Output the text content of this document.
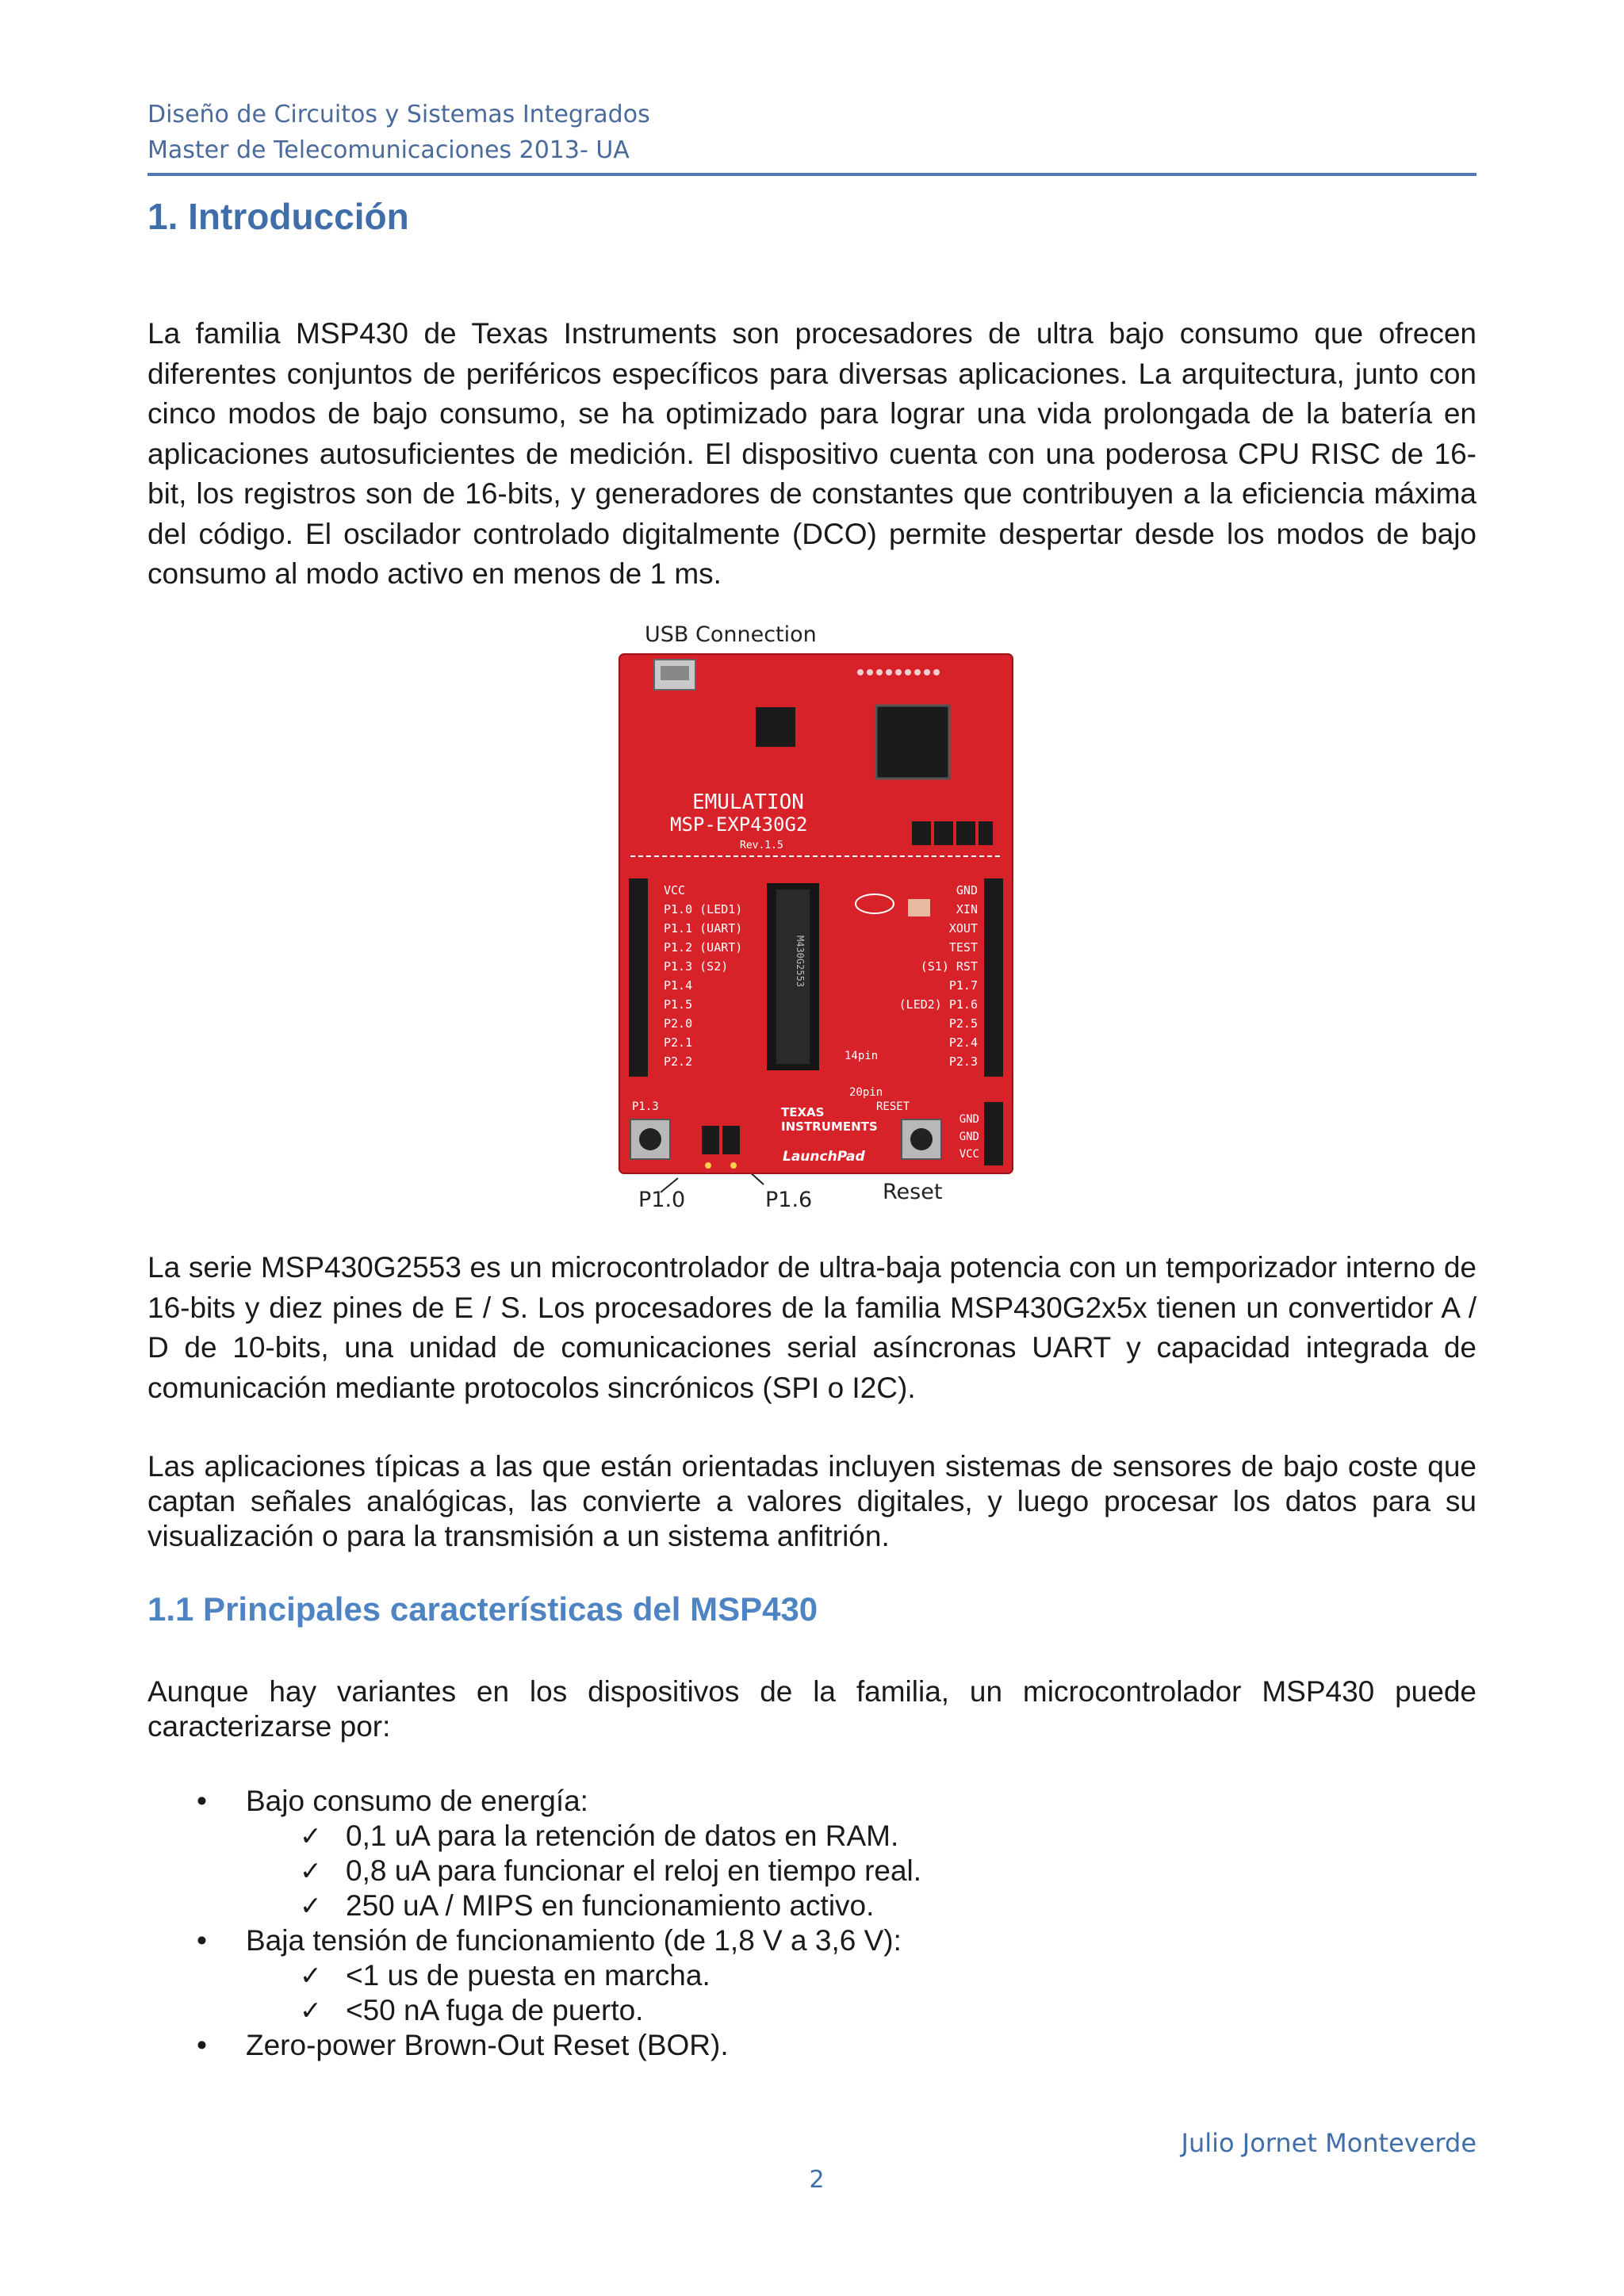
Diseño de Circuitos y Sistemas Integrados
Master de Telecomunicaciones 2013- UA
1. Introducción

La familia MSP430 de Texas Instruments son procesadores de ultra bajo consumo que ofrecen diferentes conjuntos de periféricos específicos para diversas aplicaciones. La arquitectura, junto con cinco modos de bajo consumo, se ha optimizado para lograr una vida prolongada de la batería en aplicaciones autosuficientes de medición. El dispositivo cuenta con una poderosa CPU RISC de 16-bit, los registros son de 16-bits, y generadores de constantes que contribuyen a la eficiencia máxima del código. El oscilador controlado digitalmente (DCO) permite despertar desde los modos de bajo consumo al modo activo en menos de 1 ms.

USB Connection
P1.0	P1.6	Reset
EMULATION
MSP-EXP430G2
Rev.1.5
VCC
P1.0 (LED1)
P1.1 (UART)
P1.2 (UART)
P1.3 (S2)
P1.4
P1.5
P2.0
P2.1
P2.2
GND
XIN
XOUT
TEST
(S1) RST
P1.7
(LED2) P1.6
P2.5
P2.4
P2.3
M430G2553
14pin
20pin
RESET
P1.3
GND
GND
VCC
TEXAS
INSTRUMENTS
LaunchPad

La serie MSP430G2553 es un microcontrolador de ultra-baja potencia con un temporizador interno de 16-bits y diez pines de E / S. Los procesadores de la familia MSP430G2x5x tienen un convertidor A / D de 10-bits, una unidad de comunicaciones serial asíncronas UART y capacidad integrada de comunicación mediante protocolos sincrónicos (SPI o I2C).

Las aplicaciones típicas a las que están orientadas incluyen sistemas de sensores de bajo coste que captan señales analógicas, las convierte a valores digitales, y luego procesar los datos para su visualización o para la transmisión a un sistema anfitrión.

1.1 Principales características del MSP430

Aunque hay variantes en los dispositivos de la familia, un microcontrolador MSP430 puede caracterizarse por:

• Bajo consumo de energía:
✓ 0,1 uA para la retención de datos en RAM.
✓ 0,8 uA para funcionar el reloj en tiempo real.
✓ 250 uA / MIPS en funcionamiento activo.
• Baja tensión de funcionamiento (de 1,8 V a 3,6 V):
✓ <1 us de puesta en marcha.
✓ <50 nA fuga de puerto.
• Zero-power Brown-Out Reset (BOR).
Julio Jornet Monteverde
2
